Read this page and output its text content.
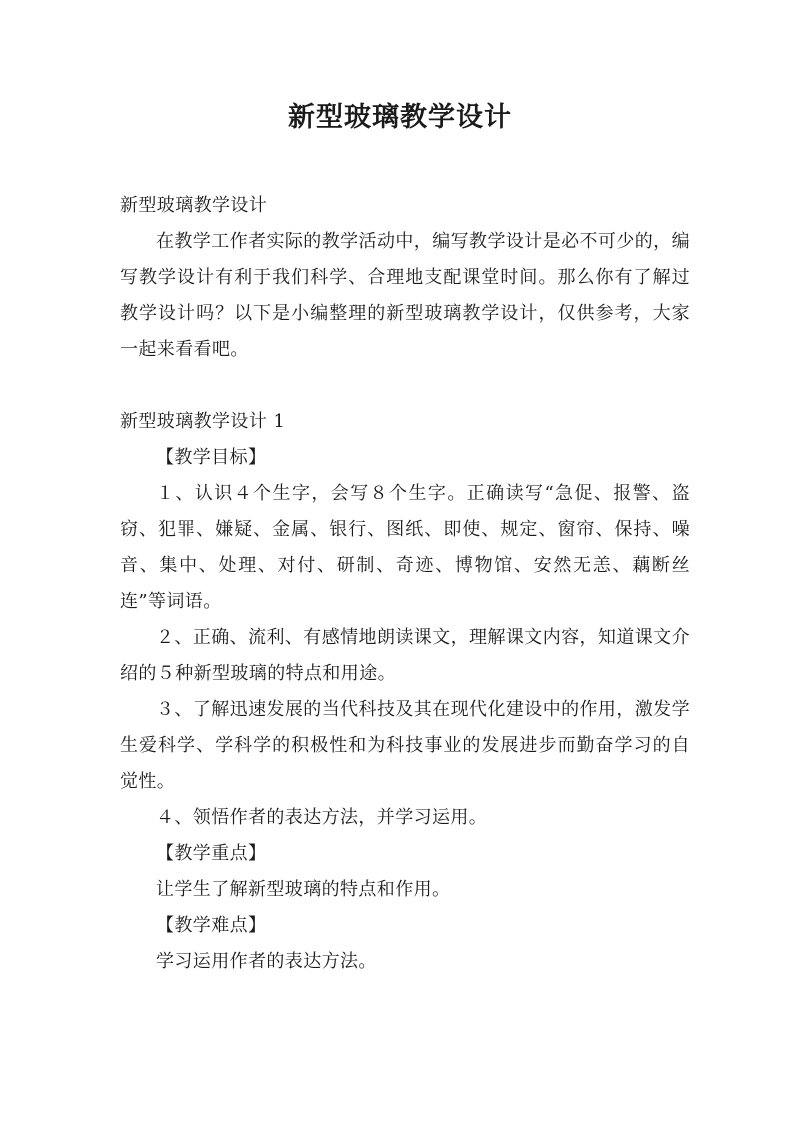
新型玻璃教学设计

新型玻璃教学设计

在教学工作者实际的教学活动中，编写教学设计是必不可少的，编写教学设计有利于我们科学、合理地支配课堂时间。那么你有了解过教学设计吗？以下是小编整理的新型玻璃教学设计，仅供参考，大家一起来看看吧。

新型玻璃教学设计 1

【教学目标】

１、认识４个生字，会写８个生字。正确读写“急促、报警、盗窃、犯罪、嫌疑、金属、银行、图纸、即使、规定、窗帘、保持、噪音、集中、处理、对付、研制、奇迹、博物馆、安然无恙、藕断丝连”等词语。

２、正确、流利、有感情地朗读课文，理解课文内容，知道课文介绍的５种新型玻璃的特点和用途。

３、了解迅速发展的当代科技及其在现代化建设中的作用，激发学生爱科学、学科学的积极性和为科技事业的发展进步而勤奋学习的自觉性。

４、领悟作者的表达方法，并学习运用。

【教学重点】

让学生了解新型玻璃的特点和作用。

【教学难点】

学习运用作者的表达方法。
